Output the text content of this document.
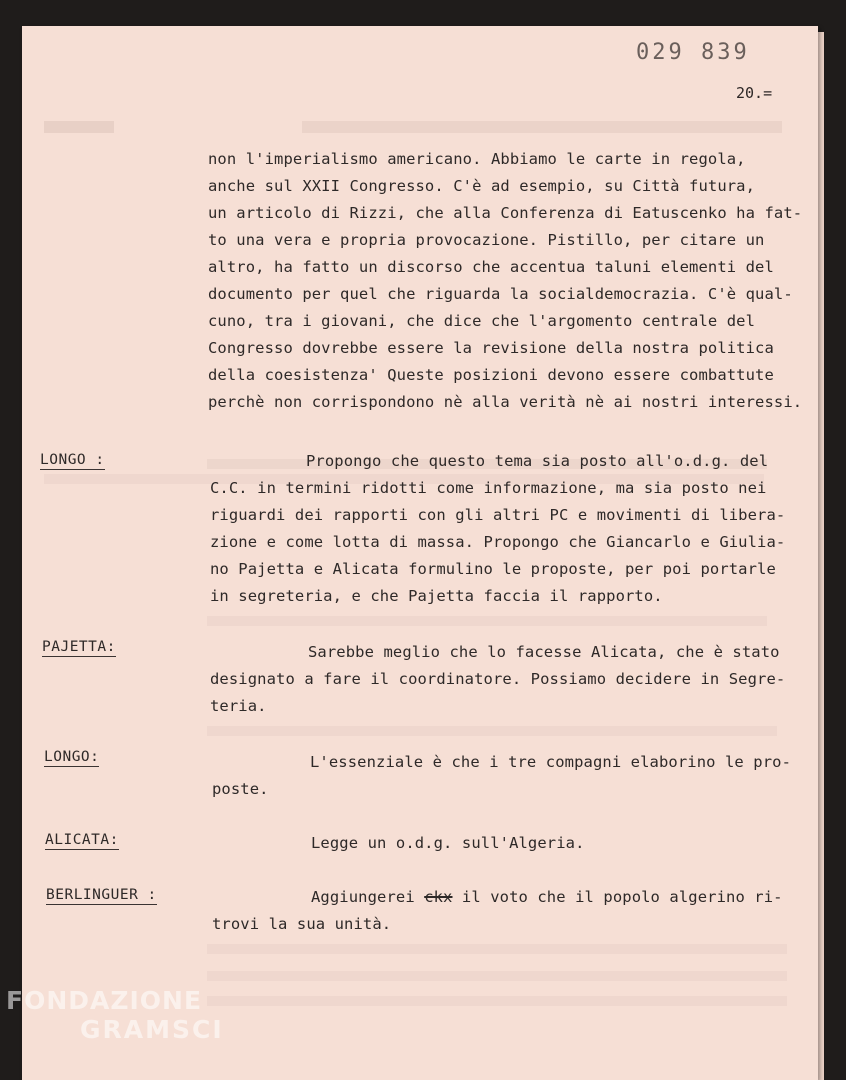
029 839
20.=
non l'imperialismo americano. Abbiamo le carte in regola,
anche sul XXII Congresso. C'è ad esempio, su Città futura,
un articolo di Rizzi, che alla Conferenza di Eatuscenko ha fat-
to una vera e propria provocazione. Pistillo, per citare un
altro, ha fatto un discorso che accentua taluni elementi del
documento per quel che riguarda la socialdemocrazia. C'è qual-
cuno, tra i giovani, che dice che l'argomento centrale del
Congresso dovrebbe essere la revisione della nostra politica
della coesistenza' Queste posizioni devono essere combattute
perchè non corrispondono nè alla verità nè ai nostri interessi.
LONGO :	Propongo che questo tema sia posto all'o.d.g. del
C.C. in termini ridotti come informazione, ma sia posto nei
riguardi dei rapporti con gli altri PC e movimenti di libera-
zione e come lotta di massa. Propongo che Giancarlo e Giulia-
no Pajetta e Alicata formulino le proposte, per poi portarle
in segreteria, e che Pajetta faccia il rapporto.
PAJETTA:	Sarebbe meglio che lo facesse Alicata, che è stato
designato a fare il coordinatore. Possiamo decidere in Segre-
teria.
LONGO:	L'essenziale è che i tre compagni elaborino le pro-
poste.
ALICATA:	Legge un o.d.g. sull'Algeria.
BERLINGUER :	Aggiungerei ckx il voto che il popolo algerino ri-
trovi la sua unità.
FONDAZIONE
GRAMSCI
